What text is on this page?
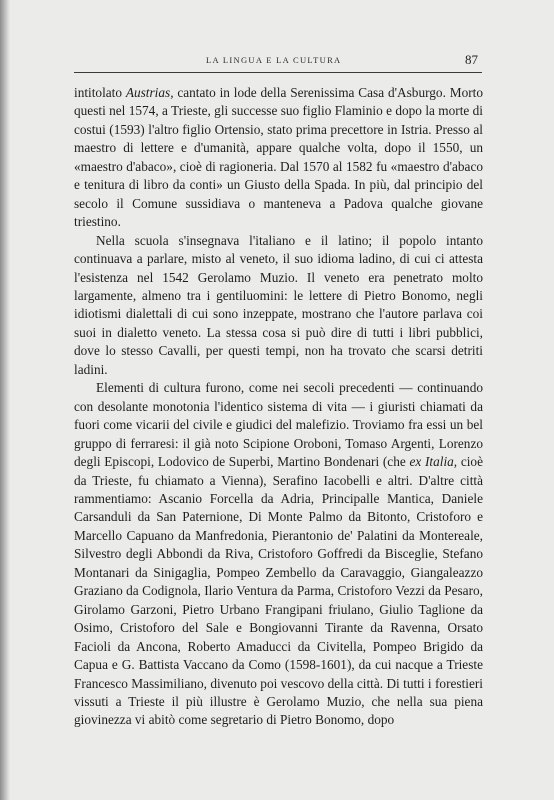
LA LINGUA E LA CULTURA	87

intitolato Austrias, cantato in lode della Serenissima Casa d'Asburgo. Morto questi nel 1574, a Trieste, gli successe suo figlio Flaminio e dopo la morte di costui (1593) l'altro figlio Ortensio, stato prima precettore in Istria. Presso al maestro di lettere e d'umanità, appare qualche volta, dopo il 1550, un «maestro d'abaco», cioè di ragioneria. Dal 1570 al 1582 fu «maestro d'abaco e tenitura di libro da conti» un Giusto della Spada. In più, dal principio del secolo il Comune sussidiava o manteneva a Padova qualche giovane triestino.

Nella scuola s'insegnava l'italiano e il latino; il popolo intanto continuava a parlare, misto al veneto, il suo idioma ladino, di cui ci attesta l'esistenza nel 1542 Gerolamo Muzio. Il veneto era penetrato molto largamente, almeno tra i gentiluomini: le lettere di Pietro Bonomo, negli idiotismi dialettali di cui sono inzeppate, mostrano che l'autore parlava coi suoi in dialetto veneto. La stessa cosa si può dire di tutti i libri pubblici, dove lo stesso Cavalli, per questi tempi, non ha trovato che scarsi detriti ladini.

Elementi di cultura furono, come nei secoli precedenti — continuando con desolante monotonia l'identico sistema di vita — i giuristi chiamati da fuori come vicarii del civile e giudici del malefizio. Troviamo fra essi un bel gruppo di ferraresi: il già noto Scipione Oroboni, Tomaso Argenti, Lorenzo degli Episcopi, Lodovico de Superbi, Martino Bondenari (che ex Italia, cioè da Trieste, fu chiamato a Vienna), Serafino Iacobelli e altri. D'altre città rammentiamo: Ascanio Forcella da Adria, Principalle Mantica, Daniele Carsanduli da San Paternione, Di Monte Palmo da Bitonto, Cristoforo e Marcello Capuano da Manfredonia, Pierantonio de' Palatini da Montereale, Silvestro degli Abbondi da Riva, Cristoforo Goffredi da Bisceglie, Stefano Montanari da Sinigaglia, Pompeo Zembello da Caravaggio, Giangaleazzo Graziano da Codignola, Ilario Ventura da Parma, Cristoforo Vezzi da Pesaro, Girolamo Garzoni, Pietro Urbano Frangipani friulano, Giulio Taglione da Osimo, Cristoforo del Sale e Bongiovanni Tirante da Ravenna, Orsato Facioli da Ancona, Roberto Amaducci da Civitella, Pompeo Brigido da Capua e G. Battista Vaccano da Como (1598-1601), da cui nacque a Trieste Francesco Massimiliano, divenuto poi vescovo della città. Di tutti i forestieri vissuti a Trieste il più illustre è Gerolamo Muzio, che nella sua piena giovinezza vi abitò come segretario di Pietro Bonomo, dopo
